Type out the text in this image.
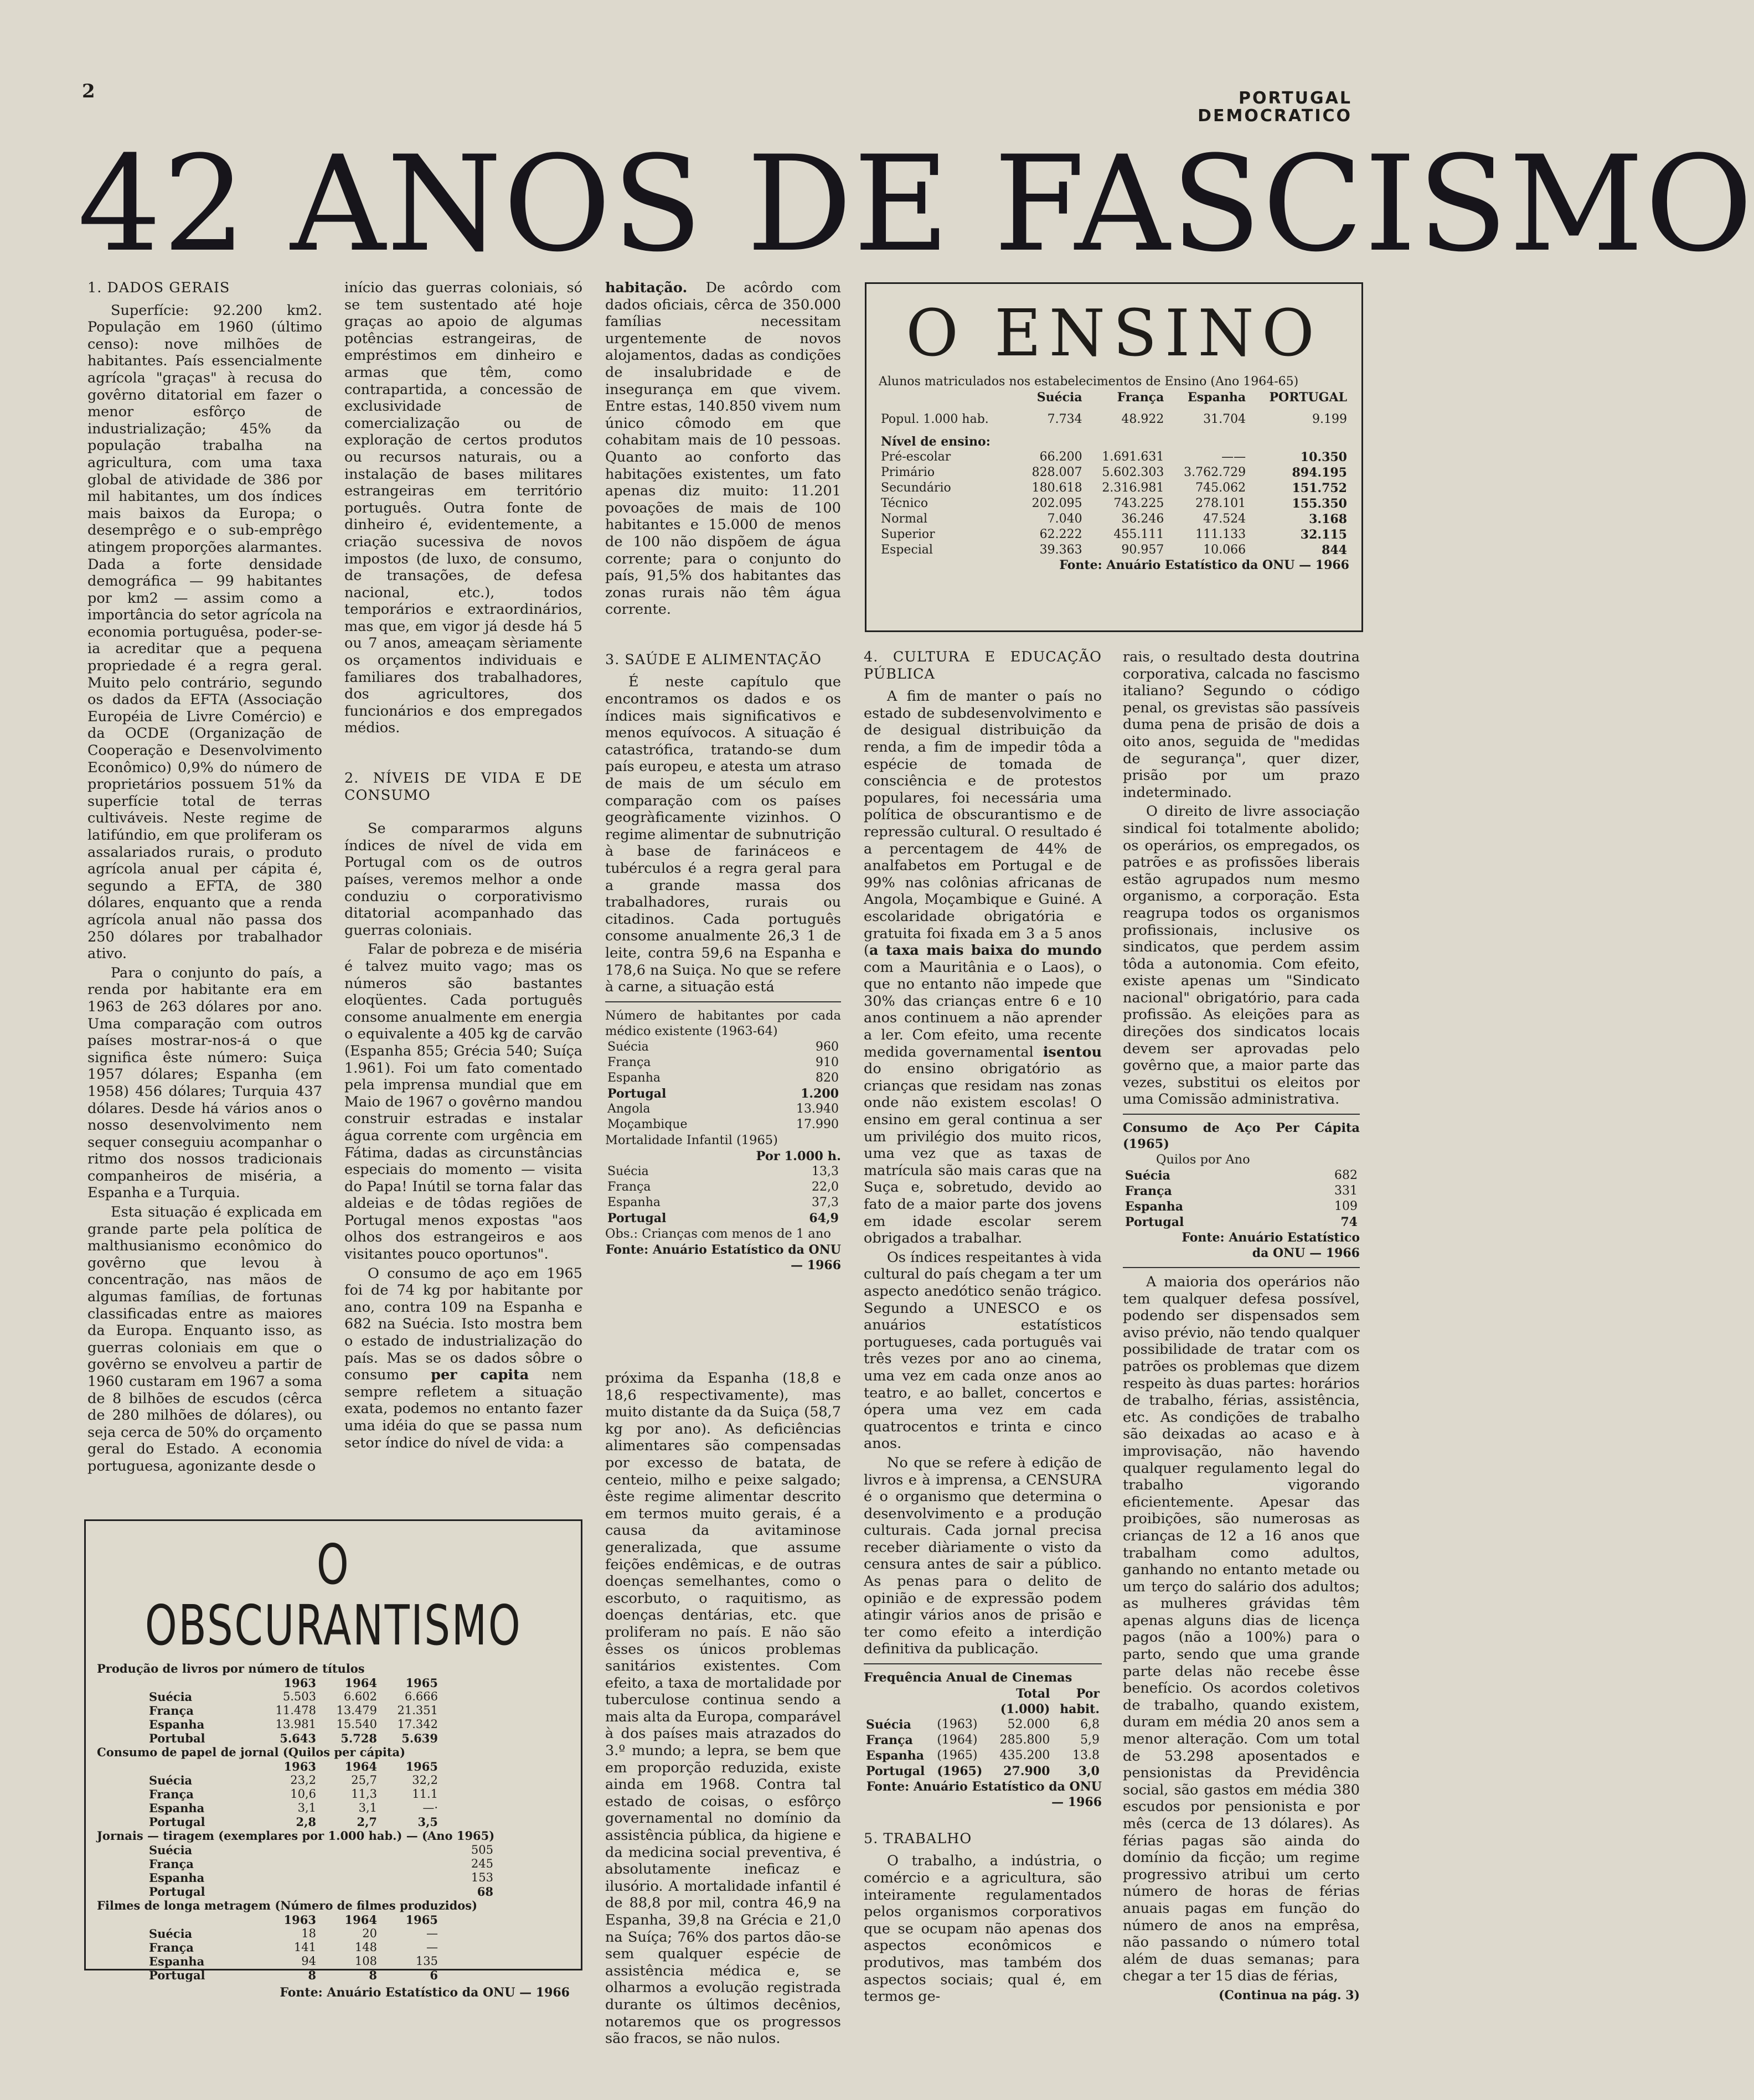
2	PORTUGAL
DEMOCRATICO
42 ANOS DE FASCISMO
1. DADOS GERAIS

Superfície: 92.200 km2. População em 1960 (último censo): nove milhões de habitantes. País essencialmente agrícola "graças" à recusa do govêrno ditatorial em fazer o menor esfôrço de industrialização; 45% da população trabalha na agricultura, com uma taxa global de atividade de 386 por mil habitantes, um dos índices mais baixos da Europa; o desemprêgo e o sub-emprêgo atingem proporções alarmantes. Dada a forte densidade demográfica — 99 habitantes por km2 — assim como a importância do setor agrícola na economia portuguêsa, poder-se-ia acreditar que a pequena propriedade é a regra geral. Muito pelo contrário, segundo os dados da EFTA (Associação Européia de Livre Comércio) e da OCDE (Organização de Cooperação e Desenvolvimento Econômico) 0,9% do número de proprietários possuem 51% da superfície total de terras cultiváveis. Neste regime de latifúndio, em que proliferam os assalariados rurais, o produto agrícola anual per cápita é, segundo a EFTA, de 380 dólares, enquanto que a renda agrícola anual não passa dos 250 dólares por trabalhador ativo.

Para o conjunto do país, a renda por habitante era em 1963 de 263 dólares por ano. Uma comparação com outros países mostrar-nos-á o que significa êste número: Suiça 1957 dólares; Espanha (em 1958) 456 dólares; Turquia 437 dólares. Desde há vários anos o nosso desenvolvimento nem sequer conseguiu acompanhar o ritmo dos nossos tradicionais companheiros de miséria, a Espanha e a Turquia.

Esta situação é explicada em grande parte pela política de malthusianismo econômico do govêrno que levou à concentração, nas mãos de algumas famílias, de fortunas classificadas entre as maiores da Europa. Enquanto isso, as guerras coloniais em que o govêrno se envolveu a partir de 1960 custaram em 1967 a soma de 8 bilhões de escudos (cêrca de 280 milhões de dólares), ou seja cerca de 50% do orçamento geral do Estado. A economia portuguesa, agonizante desde o

início das guerras coloniais, só se tem sustentado até hoje graças ao apoio de algumas potências estrangeiras, de empréstimos em dinheiro e armas que têm, como contrapartida, a concessão de exclusividade de comercialização ou de exploração de certos produtos ou recursos naturais, ou a instalação de bases militares estrangeiras em território português. Outra fonte de dinheiro é, evidentemente, a criação sucessiva de novos impostos (de luxo, de consumo, de transações, de defesa nacional, etc.), todos temporários e extraordinários, mas que, em vigor já desde há 5 ou 7 anos, ameaçam sèriamente os orçamentos individuais e familiares dos trabalhadores, dos agricultores, dos funcionários e dos empregados médios.

2. NÍVEIS DE VIDA E DE CONSUMO

Se compararmos alguns índices de nível de vida em Portugal com os de outros países, veremos melhor a onde conduziu o corporativismo ditatorial acompanhado das guerras coloniais.

Falar de pobreza e de miséria é talvez muito vago; mas os números são bastantes eloqüentes. Cada português consome anualmente em energia o equivalente a 405 kg de carvão (Espanha 855; Grécia 540; Suíça 1.961). Foi um fato comentado pela imprensa mundial que em Maio de 1967 o govêrno mandou construir estradas e instalar água corrente com urgência em Fátima, dadas as circunstâncias especiais do momento — visita do Papa! Inútil se torna falar das aldeias e de tôdas regiões de Portugal menos expostas "aos olhos dos estrangeiros e aos visitantes pouco oportunos".

O consumo de aço em 1965 foi de 74 kg por habitante por ano, contra 109 na Espanha e 682 na Suécia. Isto mostra bem o estado de industrialização do país. Mas se os dados sôbre o consumo per capita nem sempre refletem a situação exata, podemos no entanto fazer uma idéia do que se passa num setor índice do nível de vida: a

habitação. De acôrdo com dados oficiais, cêrca de 350.000 famílias necessitam urgentemente de novos alojamentos, dadas as condições de insalubridade e de insegurança em que vivem. Entre estas, 140.850 vivem num único cômodo em que cohabitam mais de 10 pessoas. Quanto ao conforto das habitações existentes, um fato apenas diz muito: 11.201 povoações de mais de 100 habitantes e 15.000 de menos de 100 não dispõem de água corrente; para o conjunto do país, 91,5% dos habitantes das zonas rurais não têm água corrente.

3. SAÚDE E ALIMENTAÇÃO

É neste capítulo que encontramos os dados e os índices mais significativos e menos equívocos. A situação é catastrófica, tratando-se dum país europeu, e atesta um atraso de mais de um século em comparação com os países geogràficamente vizinhos. O regime alimentar de subnutrição à base de farináceos e tubérculos é a regra geral para a grande massa dos trabalhadores, rurais ou citadinos. Cada português consome anualmente 26,3 1 de leite, contra 59,6 na Espanha e 178,6 na Suiça. No que se refere à carne, a situação está

Número de habitantes por cada médico existente (1963-64)
Suécia	960
França	910
Espanha	820
Portugal	1.200
Angola	13.940
Moçambique	17.990
Mortalidade Infantil (1965)
Por 1.000 h.
Suécia	13,3
França	22,0
Espanha	37,3
Portugal	64,9
Obs.: Crianças com menos de 1 ano
Fonte: Anuário Estatístico da ONU — 1966

próxima da Espanha (18,8 e 18,6 respectivamente), mas muito distante da da Suiça (58,7 kg por ano). As deficiências alimentares são compensadas por excesso de batata, de centeio, milho e peixe salgado; êste regime alimentar descrito em termos muito gerais, é a causa da avitaminose generalizada, que assume feições endêmicas, e de outras doenças semelhantes, como o escorbuto, o raquitismo, as doenças dentárias, etc. que proliferam no país. E não são êsses os únicos problemas sanitários existentes. Com efeito, a taxa de mortalidade por tuberculose continua sendo a mais alta da Europa, comparável à dos países mais atrazados do 3.º mundo; a lepra, se bem que em proporção reduzida, existe ainda em 1968. Contra tal estado de coisas, o esfôrço governamental no domínio da assistência pública, da higiene e da medicina social preventiva, é absolutamente ineficaz e ilusório. A mortalidade infantil é de 88,8 por mil, contra 46,9 na Espanha, 39,8 na Grécia e 21,0 na Suíça; 76% dos partos dão-se sem qualquer espécie de assistência médica e, se olharmos a evolução registrada durante os últimos decênios, notaremos que os progressos são fracos, se não nulos.

O ENSINO
Alunos matriculados nos estabelecimentos de Ensino (Ano 1964-65)
	Suécia	França	Espanha	PORTUGAL
Popul. 1.000 hab.	7.734	48.922	31.704	9.199
Nível de ensino:				
Pré-escolar	66.200	1.691.631	——	10.350
Primário	828.007	5.602.303	3.762.729	894.195
Secundário	180.618	2.316.981	745.062	151.752
Técnico	202.095	743.225	278.101	155.350
Normal	7.040	36.246	47.524	3.168
Superior	62.222	455.111	111.133	32.115
Especial	39.363	90.957	10.066	844
Fonte: Anuário Estatístico da ONU — 1966
4. CULTURA E EDUCAÇÃO PÚBLICA

A fim de manter o país no estado de subdesenvolvimento e de desigual distribuição da renda, a fim de impedir tôda a espécie de tomada de consciência e de protestos populares, foi necessária uma política de obscurantismo e de repressão cultural. O resultado é a percentagem de 44% de analfabetos em Portugal e de 99% nas colônias africanas de Angola, Moçambique e Guiné. A escolaridade obrigatória e gratuita foi fixada em 3 a 5 anos (a taxa mais baixa do mundo com a Mauritânia e o Laos), o que no entanto não impede que 30% das crianças entre 6 e 10 anos continuem a não aprender a ler. Com efeito, uma recente medida governamental isentou do ensino obrigatório as crianças que residam nas zonas onde não existem escolas! O ensino em geral continua a ser um privilégio dos muito ricos, uma vez que as taxas de matrícula são mais caras que na Suça e, sobretudo, devido ao fato de a maior parte dos jovens em idade escolar serem obrigados a trabalhar.

Os índices respeitantes à vida cultural do país chegam a ter um aspecto anedótico senão trágico. Segundo a UNESCO e os anuários estatísticos portugueses, cada português vai três vezes por ano ao cinema, uma vez em cada onze anos ao teatro, e ao ballet, concertos e ópera uma vez em cada quatrocentos e trinta e cinco anos.

No que se refere à edição de livros e à imprensa, a CENSURA é o organismo que determina o desenvolvimento e a produção culturais. Cada jornal precisa receber diàriamente o visto da censura antes de sair a público. As penas para o delito de opinião e de expressão podem atingir vários anos de prisão e ter como efeito a interdição definitiva da publicação.

Frequência Anual de Cinemas
		Total	Por
		(1.000)	habit.
Suécia	(1963)	52.000	6,8
França	(1964)	285.800	5,9
Espanha	(1965)	435.200	13.8
Portugal	(1965)	27.900	3,0
Fonte: Anuário Estatístico da ONU — 1966
5. TRABALHO

O trabalho, a indústria, o comércio e a agricultura, são inteiramente regulamentados pelos organismos corporativos que se ocupam não apenas dos aspectos econômicos e produtivos, mas também dos aspectos sociais; qual é, em termos ge-

rais, o resultado desta doutrina corporativa, calcada no fascismo italiano? Segundo o código penal, os grevistas são passíveis duma pena de prisão de dois a oito anos, seguida de "medidas de segurança", quer dizer, prisão por um prazo indeterminado.

O direito de livre associação sindical foi totalmente abolido; os operários, os empregados, os patrões e as profissões liberais estão agrupados num mesmo organismo, a corporação. Esta reagrupa todos os organismos profissionais, inclusive os sindicatos, que perdem assim tôda a autonomia. Com efeito, existe apenas um "Sindicato nacional" obrigatório, para cada profissão. As eleições para as direções dos sindicatos locais devem ser aprovadas pelo govêrno que, a maior parte das vezes, substitui os eleitos por uma Comissão administrativa.

Consumo de Aço Per Cápita (1965)
Quilos por Ano
Suécia	682
França	331
Espanha	109
Portugal	74
Fonte: Anuário Estatístico da ONU — 1966

A maioria dos operários não tem qualquer defesa possível, podendo ser dispensados sem aviso prévio, não tendo qualquer possibilidade de tratar com os patrões os problemas que dizem respeito às duas partes: horários de trabalho, férias, assistência, etc. As condições de trabalho são deixadas ao acaso e à improvisação, não havendo qualquer regulamento legal do trabalho vigorando eficientemente. Apesar das proibições, são numerosas as crianças de 12 a 16 anos que trabalham como adultos, ganhando no entanto metade ou um terço do salário dos adultos; as mulheres grávidas têm apenas alguns dias de licença pagos (não a 100%) para o parto, sendo que uma grande parte delas não recebe êsse benefício. Os acordos coletivos de trabalho, quando existem, duram em média 20 anos sem a menor alteração. Com um total de 53.298 aposentados e pensionistas da Previdência social, são gastos em média 380 escudos por pensionista e por mês (cerca de 13 dólares). As férias pagas são ainda do domínio da ficção; um regime progressivo atribui um certo número de horas de férias anuais pagas em função do número de anos na emprêsa, não passando o número total além de duas semanas; para chegar a ter 15 dias de férias,

(Continua na pág. 3)
O OBSCURANTISMO
Produção de livros por número de títulos
	1963	1964	1965
Suécia	5.503	6.602	6.666
França	11.478	13.479	21.351
Espanha	13.981	15.540	17.342
Portubal	5.643	5.728	5.639
Consumo de papel de jornal (Quilos per cápita)
	1963	1964	1965
Suécia	23,2	25,7	32,2
França	10,6	11,3	11.1
Espanha	3,1	3,1	—·
Portugal	2,8	2,7	3,5
Jornais — tiragem (exemplares por 1.000 hab.) — (Ano 1965)
Suécia	505
França	245
Espanha	153
Portugal	68
Filmes de longa metragem (Número de filmes produzidos)
	1963	1964	1965
Suécia	18	20	—
França	141	148	—
Espanha	94	108	135
Portugal	8	8	6
Fonte: Anuário Estatístico da ONU — 1966
